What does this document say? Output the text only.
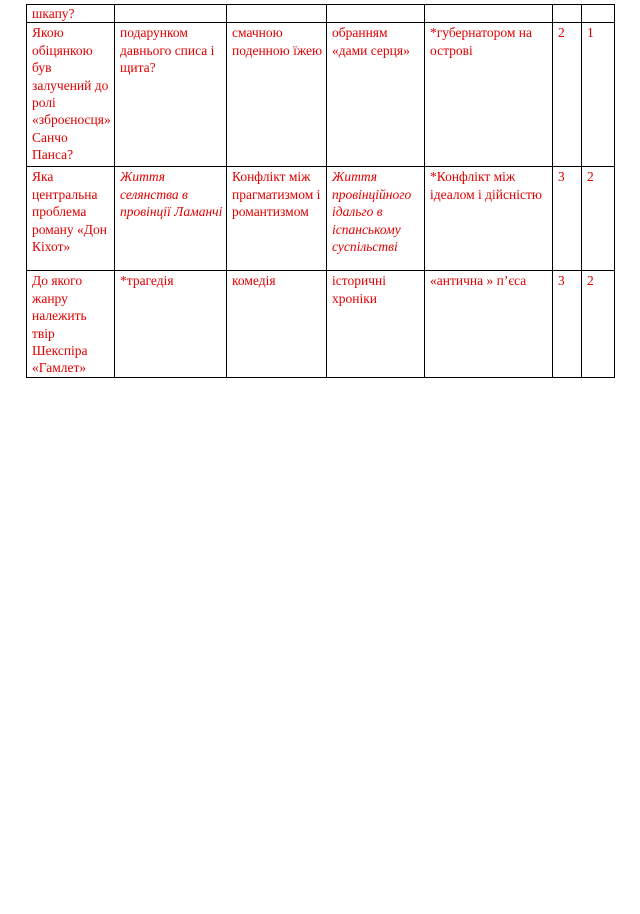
шкапу?						
Якою обіцянкою був залучений до ролі «зброєносця» Санчо Панса?	подарунком давнього списа і щита?	смачною поденною їжею	обранням «дами серця»	*губернатором на острові	2	1
Яка центральна проблема роману «Дон Кіхот»	Життя селянства в провінції Ламанчі	Конфлікт між прагматизмом і романтизмом	Життя провінційного ідальго в іспанському суспільстві	*Конфлікт між ідеалом і дійсністю	3	2
До якого жанру належить твір Шекспіра «Гамлет»	*трагедія	комедія	історичні хроніки	«антична » п’єса	3	2
